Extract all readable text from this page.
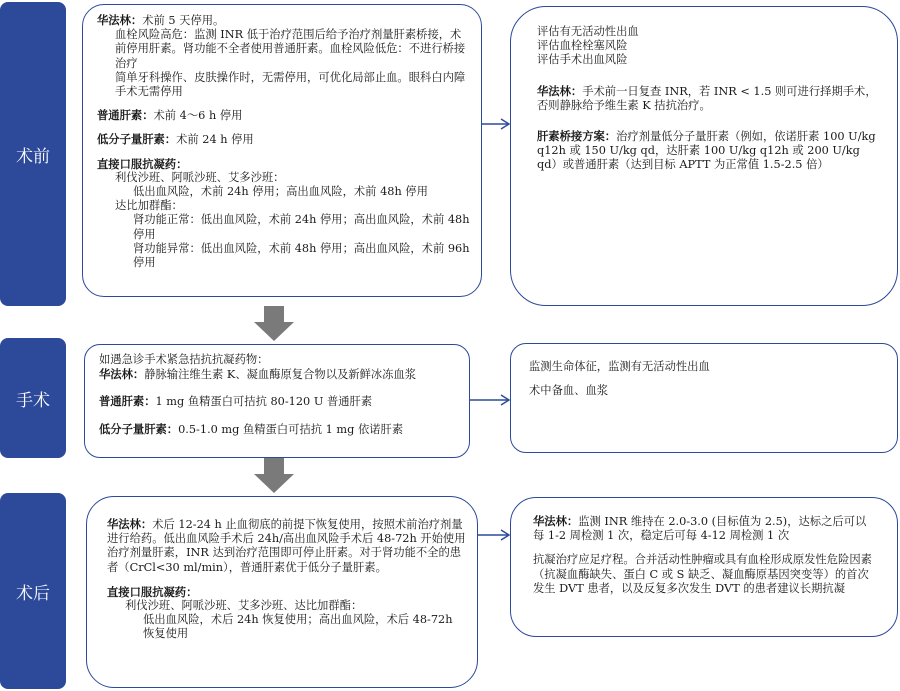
术前
手术
术后

华法林：术前 5 天停用。

血栓风险高危：监测 INR 低于治疗范围后给予治疗剂量肝素桥接，术前停用肝素。肾功能不全者使用普通肝素。血栓风险低危：不进行桥接治疗

简单牙科操作、皮肤操作时，无需停用，可优化局部止血。眼科白内障手术无需停用

普通肝素：术前 4～6 h 停用

低分子量肝素：术前 24 h 停用

直接口服抗凝药：

利伐沙班、阿哌沙班、艾多沙班：

低出血风险，术前 24h 停用；高出血风险，术前 48h 停用

达比加群酯：

肾功能正常：低出血风险，术前 24h 停用；高出血风险，术前 48h 停用

肾功能异常：低出血风险，术前 48h 停用；高出血风险，术前 96h 停用

评估有无活动性出血

评估血栓栓塞风险

评估手术出血风险

华法林：手术前一日复查 INR，若 INR < 1.5 则可进行择期手术，否则静脉给予维生素 K 拮抗治疗。

肝素桥接方案：治疗剂量低分子量肝素（例如，依诺肝素 100 U/kg q12h 或 150 U/kg qd，达肝素 100 U/kg q12h 或 200 U/kg qd）或普通肝素（达到目标 APTT 为正常值 1.5-2.5 倍）

如遇急诊手术紧急拮抗抗凝药物：

华法林：静脉输注维生素 K、凝血酶原复合物以及新鲜冰冻血浆

普通肝素：1 mg 鱼精蛋白可拮抗 80-120 U 普通肝素

低分子量肝素：0.5-1.0 mg 鱼精蛋白可拮抗 1 mg 依诺肝素

监测生命体征，监测有无活动性出血

术中备血、血浆

华法林：术后 12-24 h 止血彻底的前提下恢复使用，按照术前治疗剂量进行给药。低出血风险手术后 24h/高出血风险手术后 48-72h 开始使用治疗剂量肝素，INR 达到治疗范围即可停止肝素。对于肾功能不全的患者（CrCl<30 ml/min），普通肝素优于低分子量肝素。

直接口服抗凝药：

利伐沙班、阿哌沙班、艾多沙班、达比加群酯：

低出血风险，术后 24h 恢复使用；高出血风险，术后 48-72h 恢复使用

华法林：监测 INR 维持在 2.0-3.0 (目标值为 2.5)，达标之后可以每 1-2 周检测 1 次，稳定后可每 4-12 周检测 1 次

抗凝治疗应足疗程。合并活动性肿瘤或具有血栓形成原发性危险因素（抗凝血酶缺失、蛋白 C 或 S 缺乏、凝血酶原基因突变等）的首次发生 DVT 患者，以及反复多次发生 DVT 的患者建议长期抗凝
